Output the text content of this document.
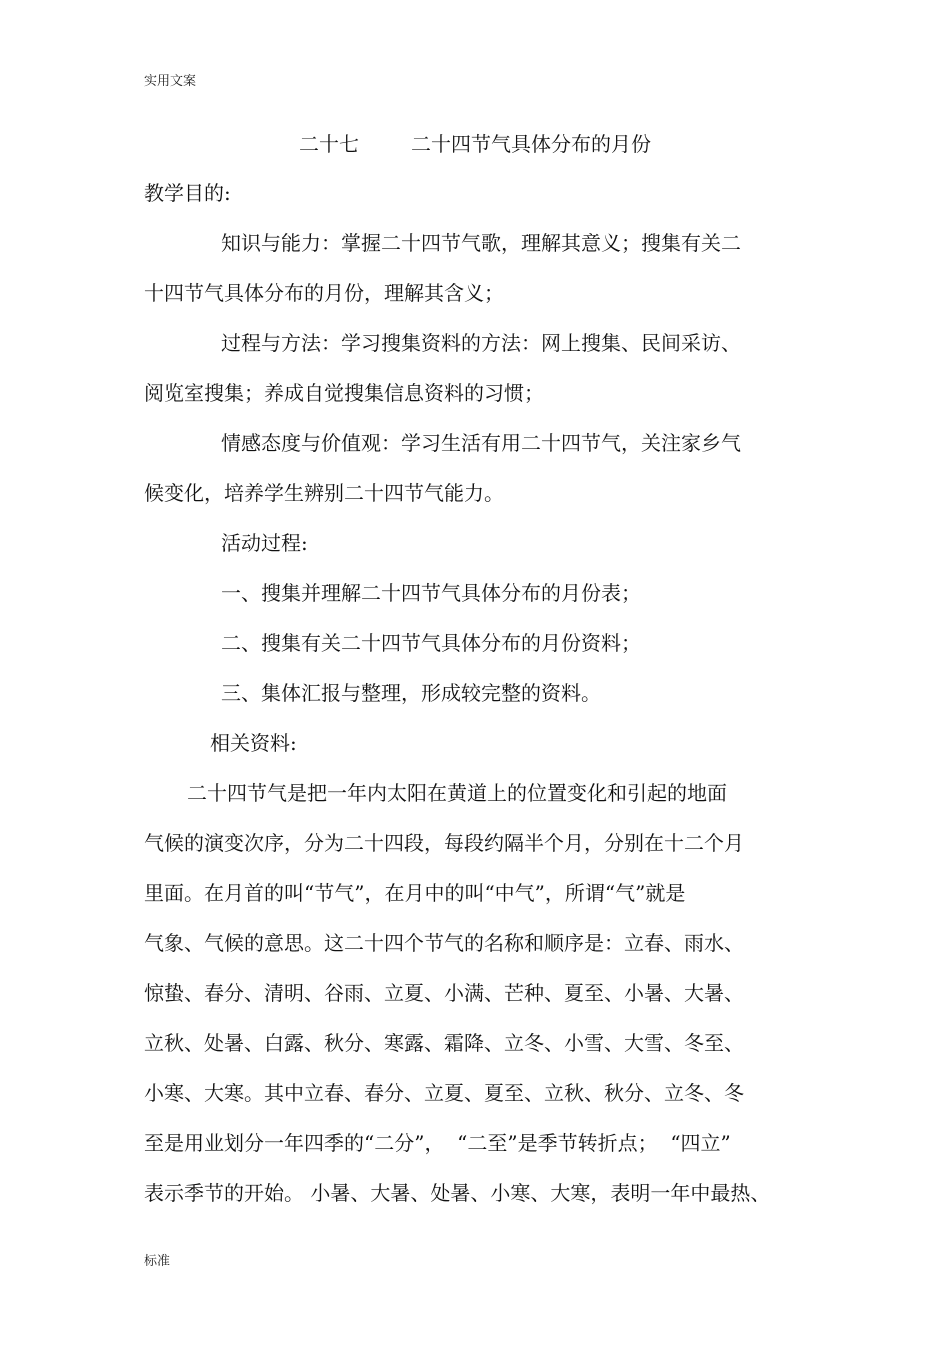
实用文案
二十七	二十四节气具体分布的月份
教学目的:
知识与能力：掌握二十四节气歌，理解其意义；搜集有关二
十四节气具体分布的月份，理解其含义；
过程与方法：学习搜集资料的方法：网上搜集、民间采访、
阅览室搜集；养成自觉搜集信息资料的习惯；
情感态度与价值观：学习生活有用二十四节气，关注家乡气
候变化，培养学生辨别二十四节气能力。
活动过程:
一、搜集并理解二十四节气具体分布的月份表；
二、搜集有关二十四节气具体分布的月份资料；
三、集体汇报与整理，形成较完整的资料。
相关资料:
二十四节气是把一年内太阳在黄道上的位置变化和引起的地面
气候的演变次序，分为二十四段，每段约隔半个月，分别在十二个月
里面。在月首的叫“节气”，在月中的叫“中气”，所谓“气”就是
气象、气候的意思。这二十四个节气的名称和顺序是：立春、雨水、
惊蛰、春分、清明、谷雨、立夏、小满、芒种、夏至、小暑、大暑、
立秋、处暑、白露、秋分、寒露、霜降、立冬、小雪、大雪、冬至、
小寒、大寒。其中立春、春分、立夏、夏至、立秋、秋分、立冬、冬
至是用业划分一年四季的“二分”，  “二至”是季节转折点；  “四立”
表示季节的开始。 小暑、大暑、处暑、小寒、大寒，表明一年中最热、
标准
